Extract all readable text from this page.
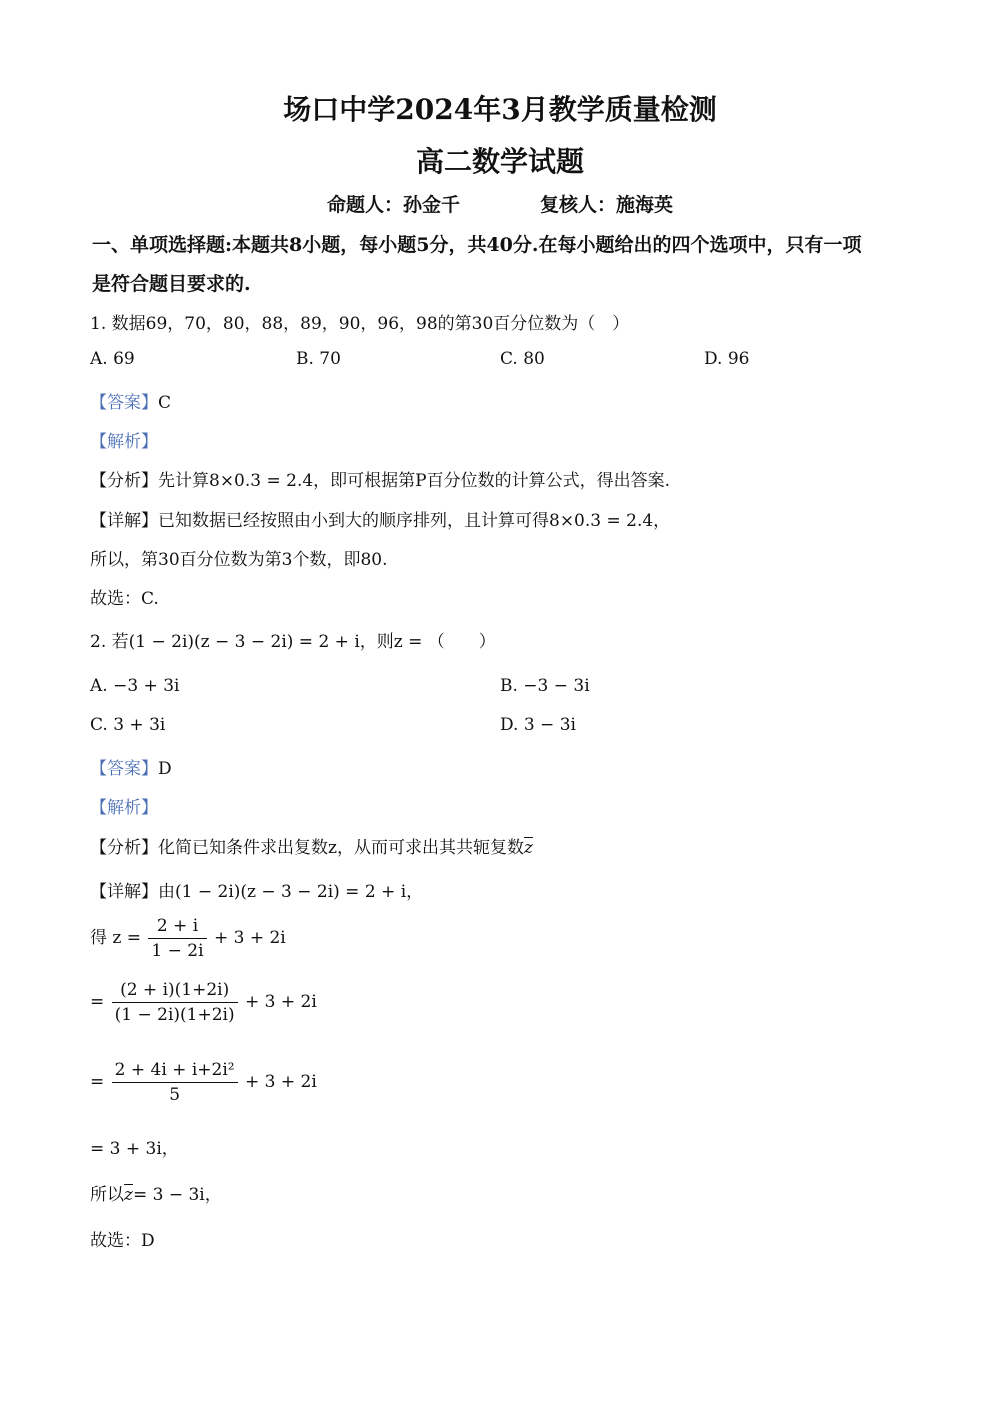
场口中学2024年3月教学质量检测
高二数学试题
命题人：孙金千	复核人：施海英
一、单项选择题:本题共8小题，每小题5分，共40分.在每小题给出的四个选项中，只有一项
是符合题目要求的.
1. 数据69，70，80，88，89，90，96，98的第30百分位数为（　）
A. 69	B. 70	C. 80	D. 96
【答案】C
【解析】
【分析】先计算8×0.3 = 2.4，即可根据第P百分位数的计算公式，得出答案.
【详解】已知数据已经按照由小到大的顺序排列，且计算可得8×0.3 = 2.4，
所以，第30百分位数为第3个数，即80.
故选：C.
2. 若(1 − 2i)(z − 3 − 2i) = 2 + i，则z = （　　）
A. −3 + 3i	B. −3 − 3i
C. 3 + 3i	D. 3 − 3i
【答案】D
【解析】
【分析】化简已知条件求出复数z，从而可求出其共轭复数$\overline{z}$
【详解】由(1 − 2i)(z − 3 − 2i) = 2 + i，
得 $z = \frac{2 + i}{1 - 2i} + 3 + 2i$
= $\frac{(2 + i)(1+2i)}{(1 - 2i)(1+2i)} + 3 + 2i$
= $\frac{\text{2 + 4i + i+2i²}}{5} + 3 + 2i$
= 3 + 3i，
所以$\overline{z}= 3 - 3i$，
故选：D
